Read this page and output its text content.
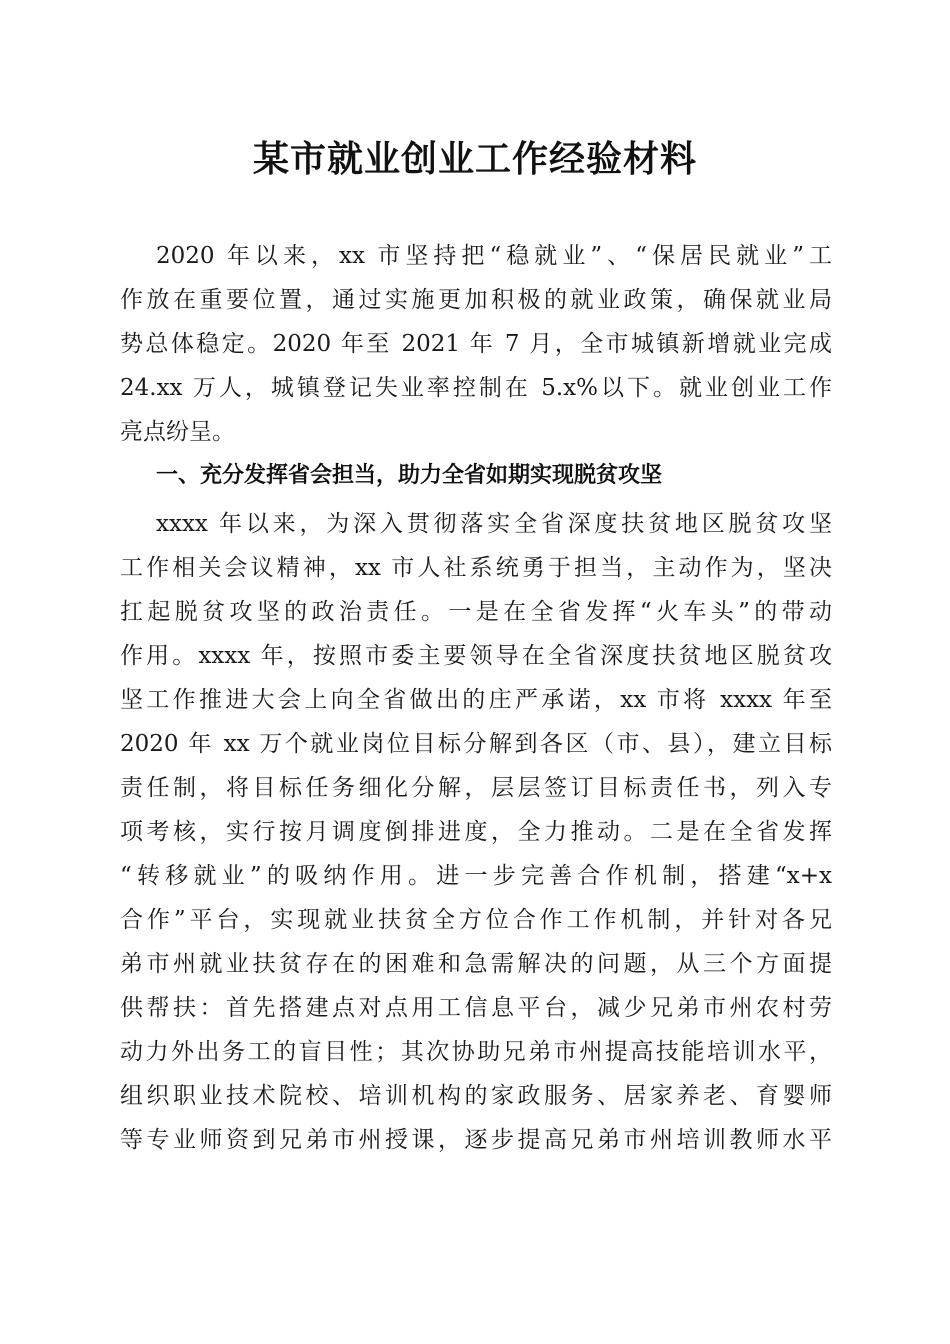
某市就业创业工作经验材料
2020 年以来，xx 市坚持把“稳就业”、“保居民就业”工
作放在重要位置，通过实施更加积极的就业政策，确保就业局
势总体稳定。2020 年至 2021 年 7 月，全市城镇新增就业完成
24.xx 万人，城镇登记失业率控制在 5.x%以下。就业创业工作
亮点纷呈。
一、充分发挥省会担当，助力全省如期实现脱贫攻坚
xxxx 年以来，为深入贯彻落实全省深度扶贫地区脱贫攻坚
工作相关会议精神，xx 市人社系统勇于担当，主动作为，坚决
扛起脱贫攻坚的政治责任。一是在全省发挥“火车头”的带动
作用。xxxx 年，按照市委主要领导在全省深度扶贫地区脱贫攻
坚工作推进大会上向全省做出的庄严承诺，xx 市将 xxxx 年至
2020 年 xx 万个就业岗位目标分解到各区（市、县），建立目标
责任制，将目标任务细化分解，层层签订目标责任书，列入专
项考核，实行按月调度倒排进度，全力推动。二是在全省发挥
“转移就业”的吸纳作用。进一步完善合作机制，搭建“x+x
合作”平台，实现就业扶贫全方位合作工作机制，并针对各兄
弟市州就业扶贫存在的困难和急需解决的问题，从三个方面提
供帮扶：首先搭建点对点用工信息平台，减少兄弟市州农村劳
动力外出务工的盲目性；其次协助兄弟市州提高技能培训水平，
组织职业技术院校、培训机构的家政服务、居家养老、育婴师
等专业师资到兄弟市州授课，逐步提高兄弟市州培训教师水平
